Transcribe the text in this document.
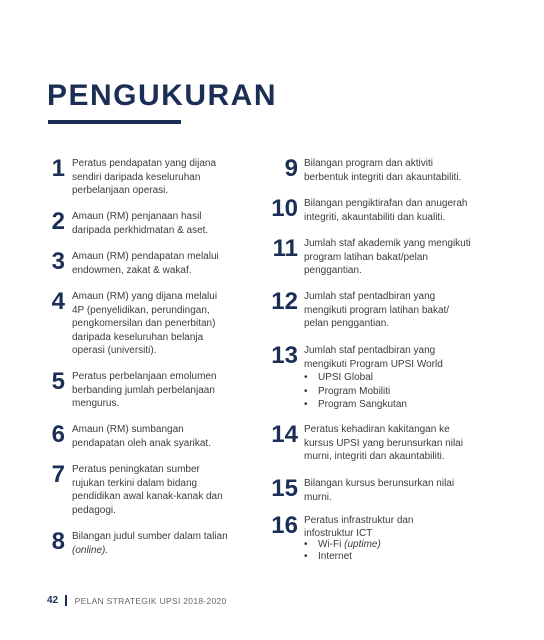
PENGUKURAN
1 Peratus pendapatan yang dijana
sendiri daripada keseluruhan
perbelanjaan operasi.
2 Amaun (RM) penjanaan hasil
daripada perkhidmatan & aset.
3 Amaun (RM) pendapatan melalui
endowmen, zakat & wakaf.
4 Amaun (RM) yang dijana melalui
4P (penyelidikan, perundingan,
pengkomersilan dan penerbitan)
daripada keseluruhan belanja
operasi (universiti).
5 Peratus perbelanjaan emolumen
berbanding jumlah perbelanjaan
mengurus.
6 Amaun (RM) sumbangan
pendapatan oleh anak syarikat.
7 Peratus peningkatan sumber
rujukan terkini dalam bidang
pendidikan awal kanak-kanak dan
pedagogi.
8 Bilangan judul sumber dalam talian
(online).
9 Bilangan program dan aktiviti
berbentuk integriti dan akauntabiliti.
10 Bilangan pengiktirafan dan anugerah
integriti, akauntabiliti dan kualiti.
11 Jumlah staf akademik yang mengikuti
program latihan bakat/pelan
penggantian.
12 Jumlah staf pentadbiran yang
mengikuti program latihan bakat/
pelan penggantian.
13 Jumlah staf pentadbiran yang
mengikuti Program UPSI World
• UPSI Global
• Program Mobiliti
• Program Sangkutan
14 Peratus kehadiran kakitangan ke
kursus UPSI yang berunsurkan nilai
murni, integriti dan akauntabiliti.
15 Bilangan kursus berunsurkan nilai
murni.
16 Peratus infrastruktur dan
infostruktur ICT
• Wi-Fi (uptime)
• Internet
42 PELAN STRATEGIK UPSI 2018-2020
